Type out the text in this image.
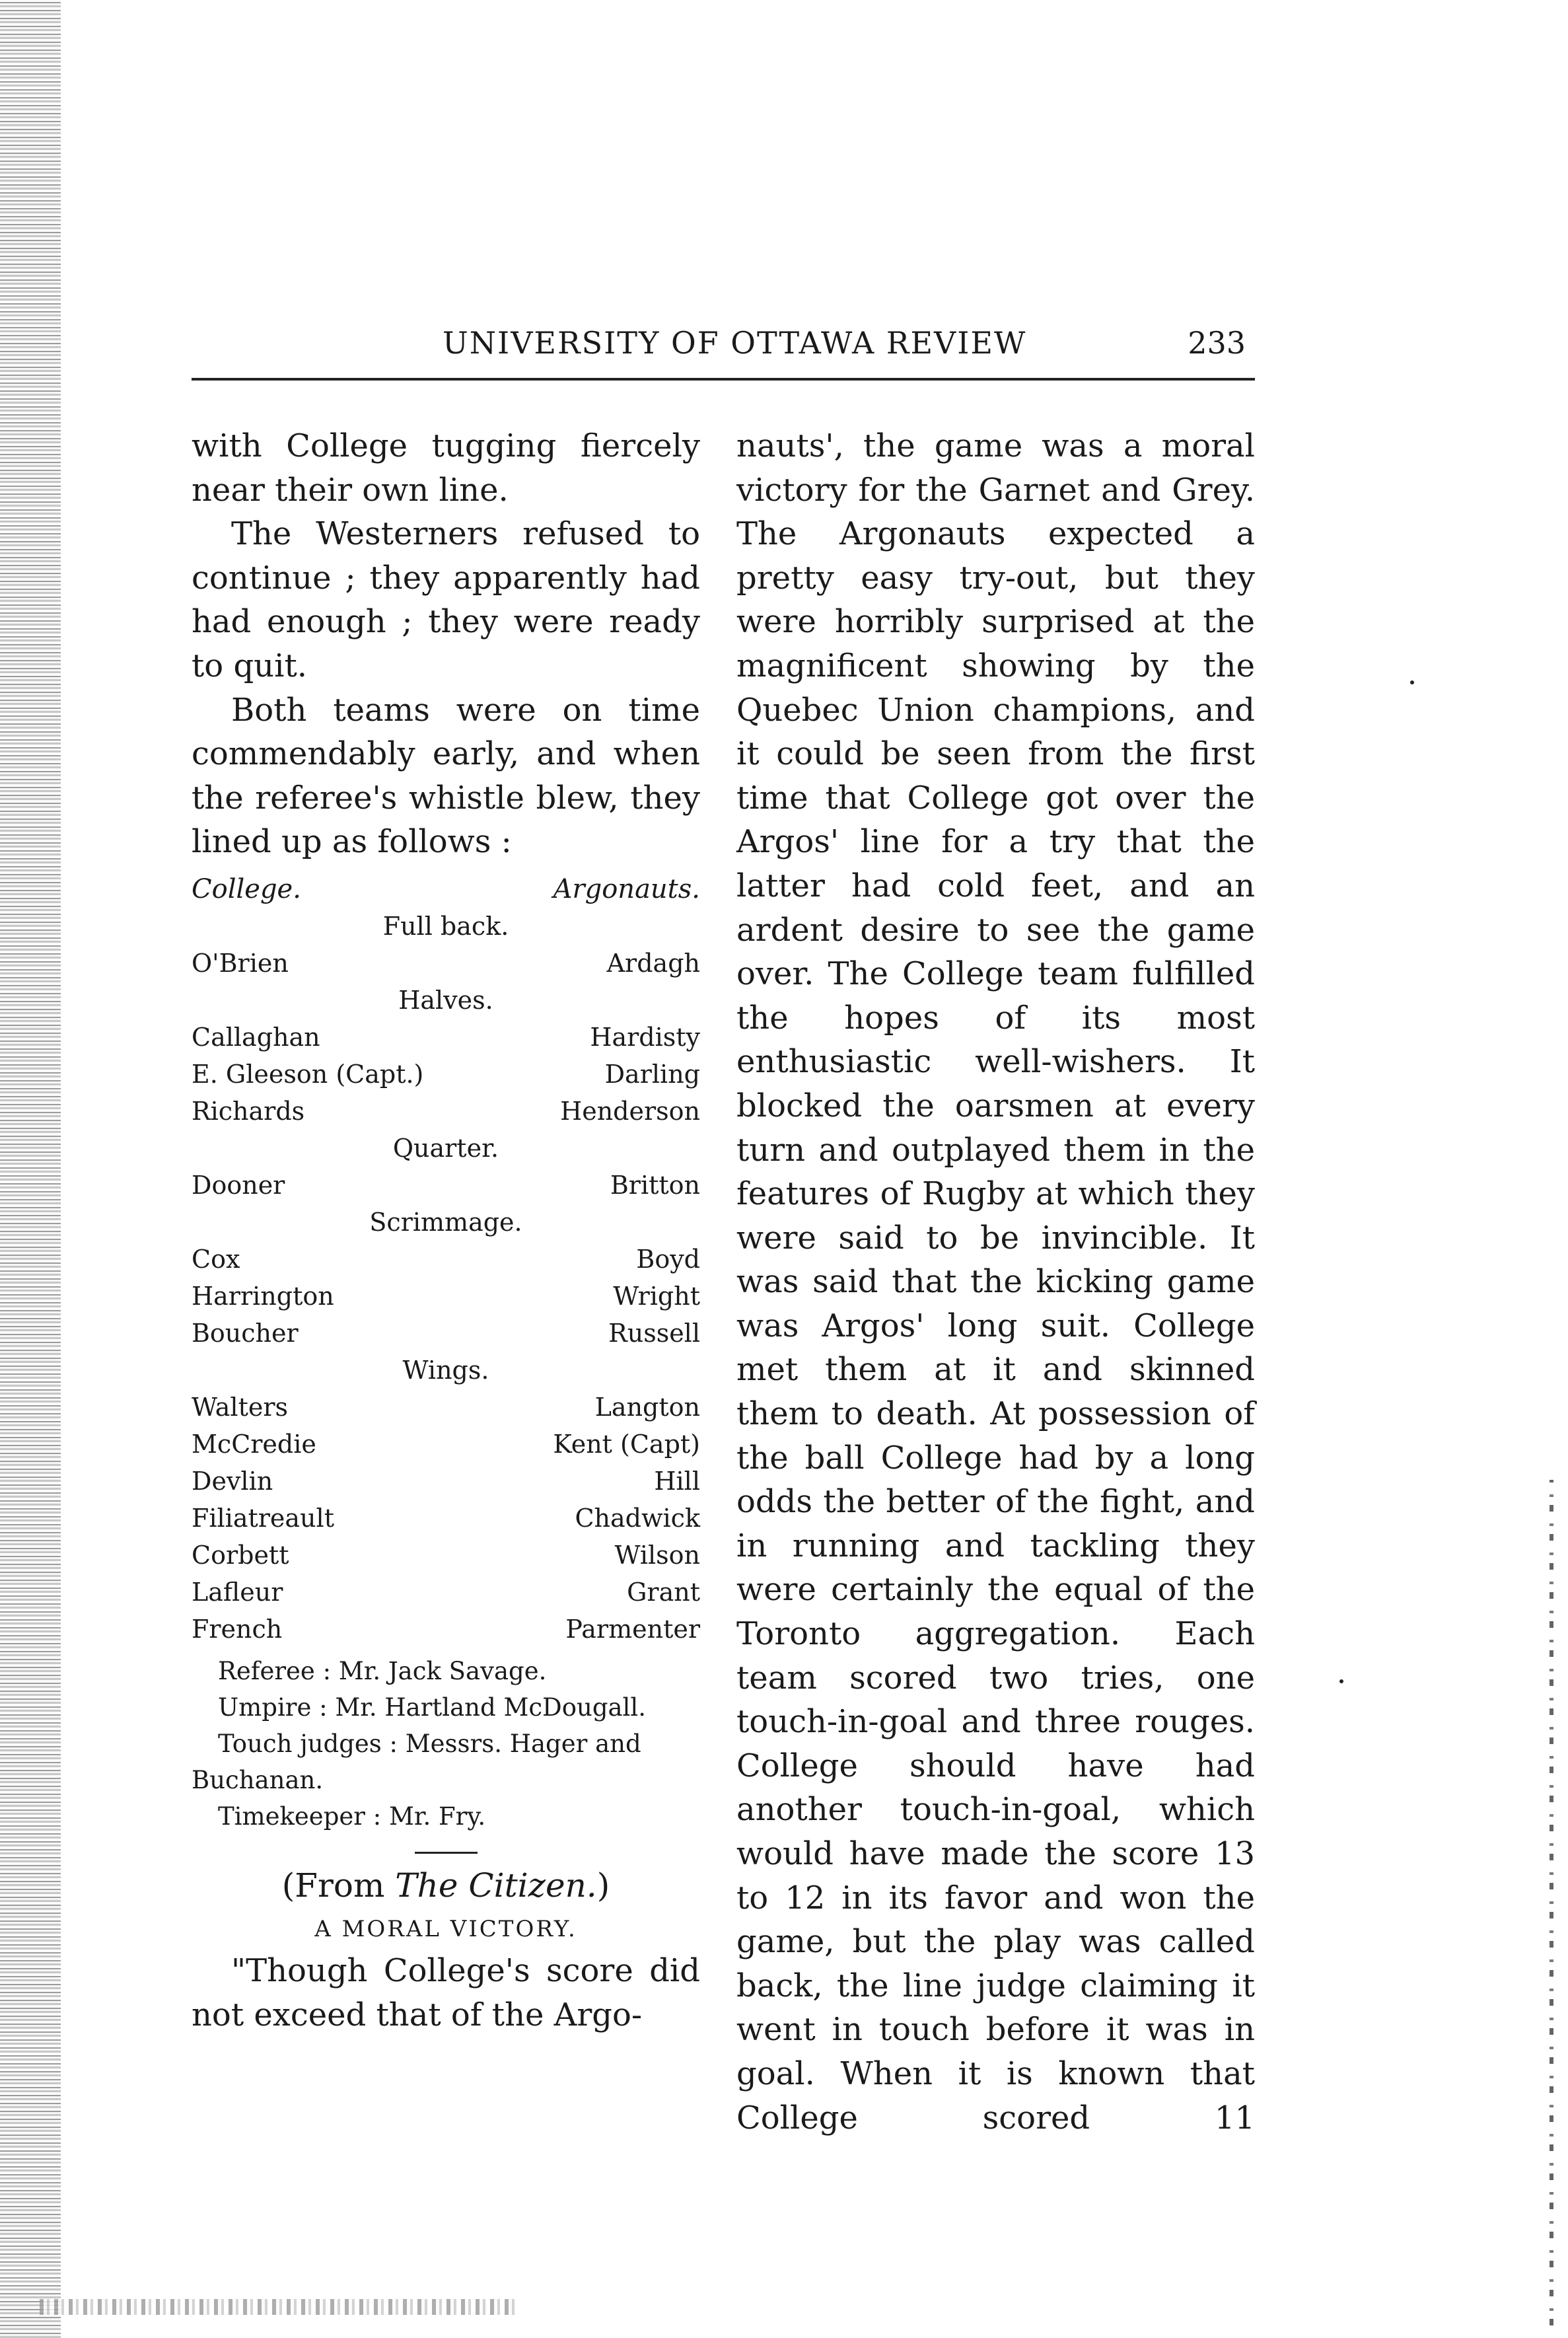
UNIVERSITY OF OTTAWA REVIEW	233

with College tugging fiercely near their own line.

The Westerners refused to continue ; they apparently had had enough ; they were ready to quit.

Both teams were on time commendably early, and when the referee's whistle blew, they lined up as follows :

College.	Argonauts.
Full back.
O'Brien	Ardagh
Halves.
Callaghan	Hardisty
E. Gleeson (Capt.)	Darling
Richards	Henderson
Quarter.
Dooner	Britton
Scrimmage.
Cox	Boyd
Harrington	Wright
Boucher	Russell
Wings.
Walters	Langton
McCredie	Kent (Capt)
Devlin	Hill
Filiatreault	Chadwick
Corbett	Wilson
Lafleur	Grant
French	Parmenter
Referee : Mr. Jack Savage.
Umpire : Mr. Hartland McDougall.
Touch judges : Messrs. Hager and
Buchanan.
Timekeeper : Mr. Fry.
(From The Citizen.)
A MORAL VICTORY.

"Though College's score did not exceed that of the Argo-

nauts', the game was a moral victory for the Garnet and Grey. The Argonauts expected a pretty easy try-out, but they were horribly surprised at the magnificent showing by the Quebec Union champions, and it could be seen from the first time that College got over the Argos' line for a try that the latter had cold feet, and an ardent desire to see the game over. The College team fulfilled the hopes of its most enthusiastic well-wishers. It blocked the oarsmen at every turn and outplayed them in the features of Rugby at which they were said to be invincible. It was said that the kicking game was Argos' long suit. College met them at it and skinned them to death. At possession of the ball College had by a long odds the better of the fight, and in running and tackling they were certainly the equal of the Toronto aggregation. Each team scored two tries, one touch-in-goal and three rouges. College should have had another touch-in-goal, which would have made the score 13 to 12 in its favor and won the game, but the play was called back, the line judge claiming it went in touch before it was in goal. When it is known that College scored 11
